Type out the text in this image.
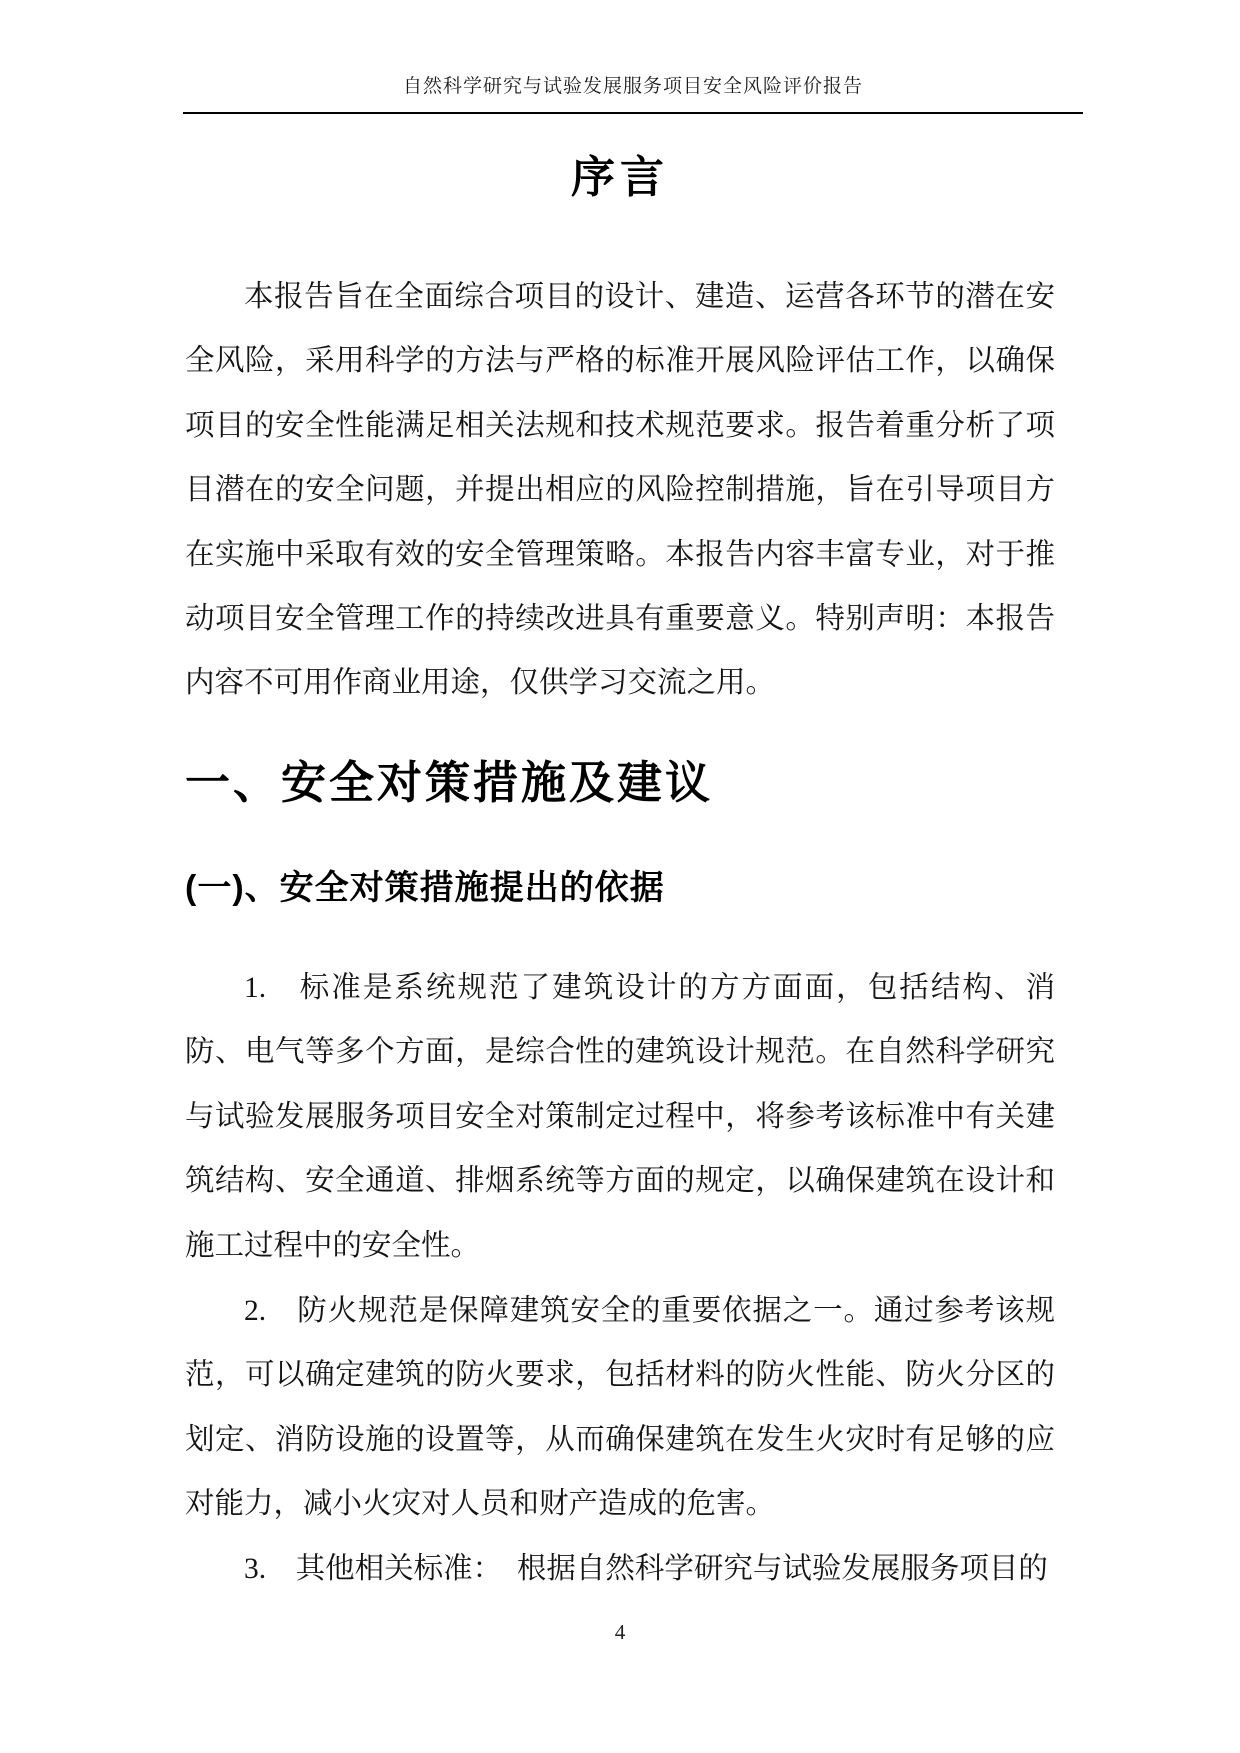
自然科学研究与试验发展服务项目安全风险评价报告
序言

本报告旨在全面综合项目的设计、建造、运营各环节的潜在安全风险，采用科学的方法与严格的标准开展风险评估工作，以确保项目的安全性能满足相关法规和技术规范要求。报告着重分析了项目潜在的安全问题，并提出相应的风险控制措施，旨在引导项目方在实施中采取有效的安全管理策略。本报告内容丰富专业，对于推动项目安全管理工作的持续改进具有重要意义。特别声明：本报告内容不可用作商业用途，仅供学习交流之用。

一、安全对策措施及建议
(一)、安全对策措施提出的依据

1.　标准是系统规范了建筑设计的方方面面，包括结构、消防、电气等多个方面，是综合性的建筑设计规范。在自然科学研究与试验发展服务项目安全对策制定过程中，将参考该标准中有关建筑结构、安全通道、排烟系统等方面的规定，以确保建筑在设计和施工过程中的安全性。

2.　防火规范是保障建筑安全的重要依据之一。通过参考该规范，可以确定建筑的防火要求，包括材料的防火性能、防火分区的划定、消防设施的设置等，从而确保建筑在发生火灾时有足够的应对能力，减小火灾对人员和财产造成的危害。

3.　其他相关标准：　根据自然科学研究与试验发展服务项目的

4
